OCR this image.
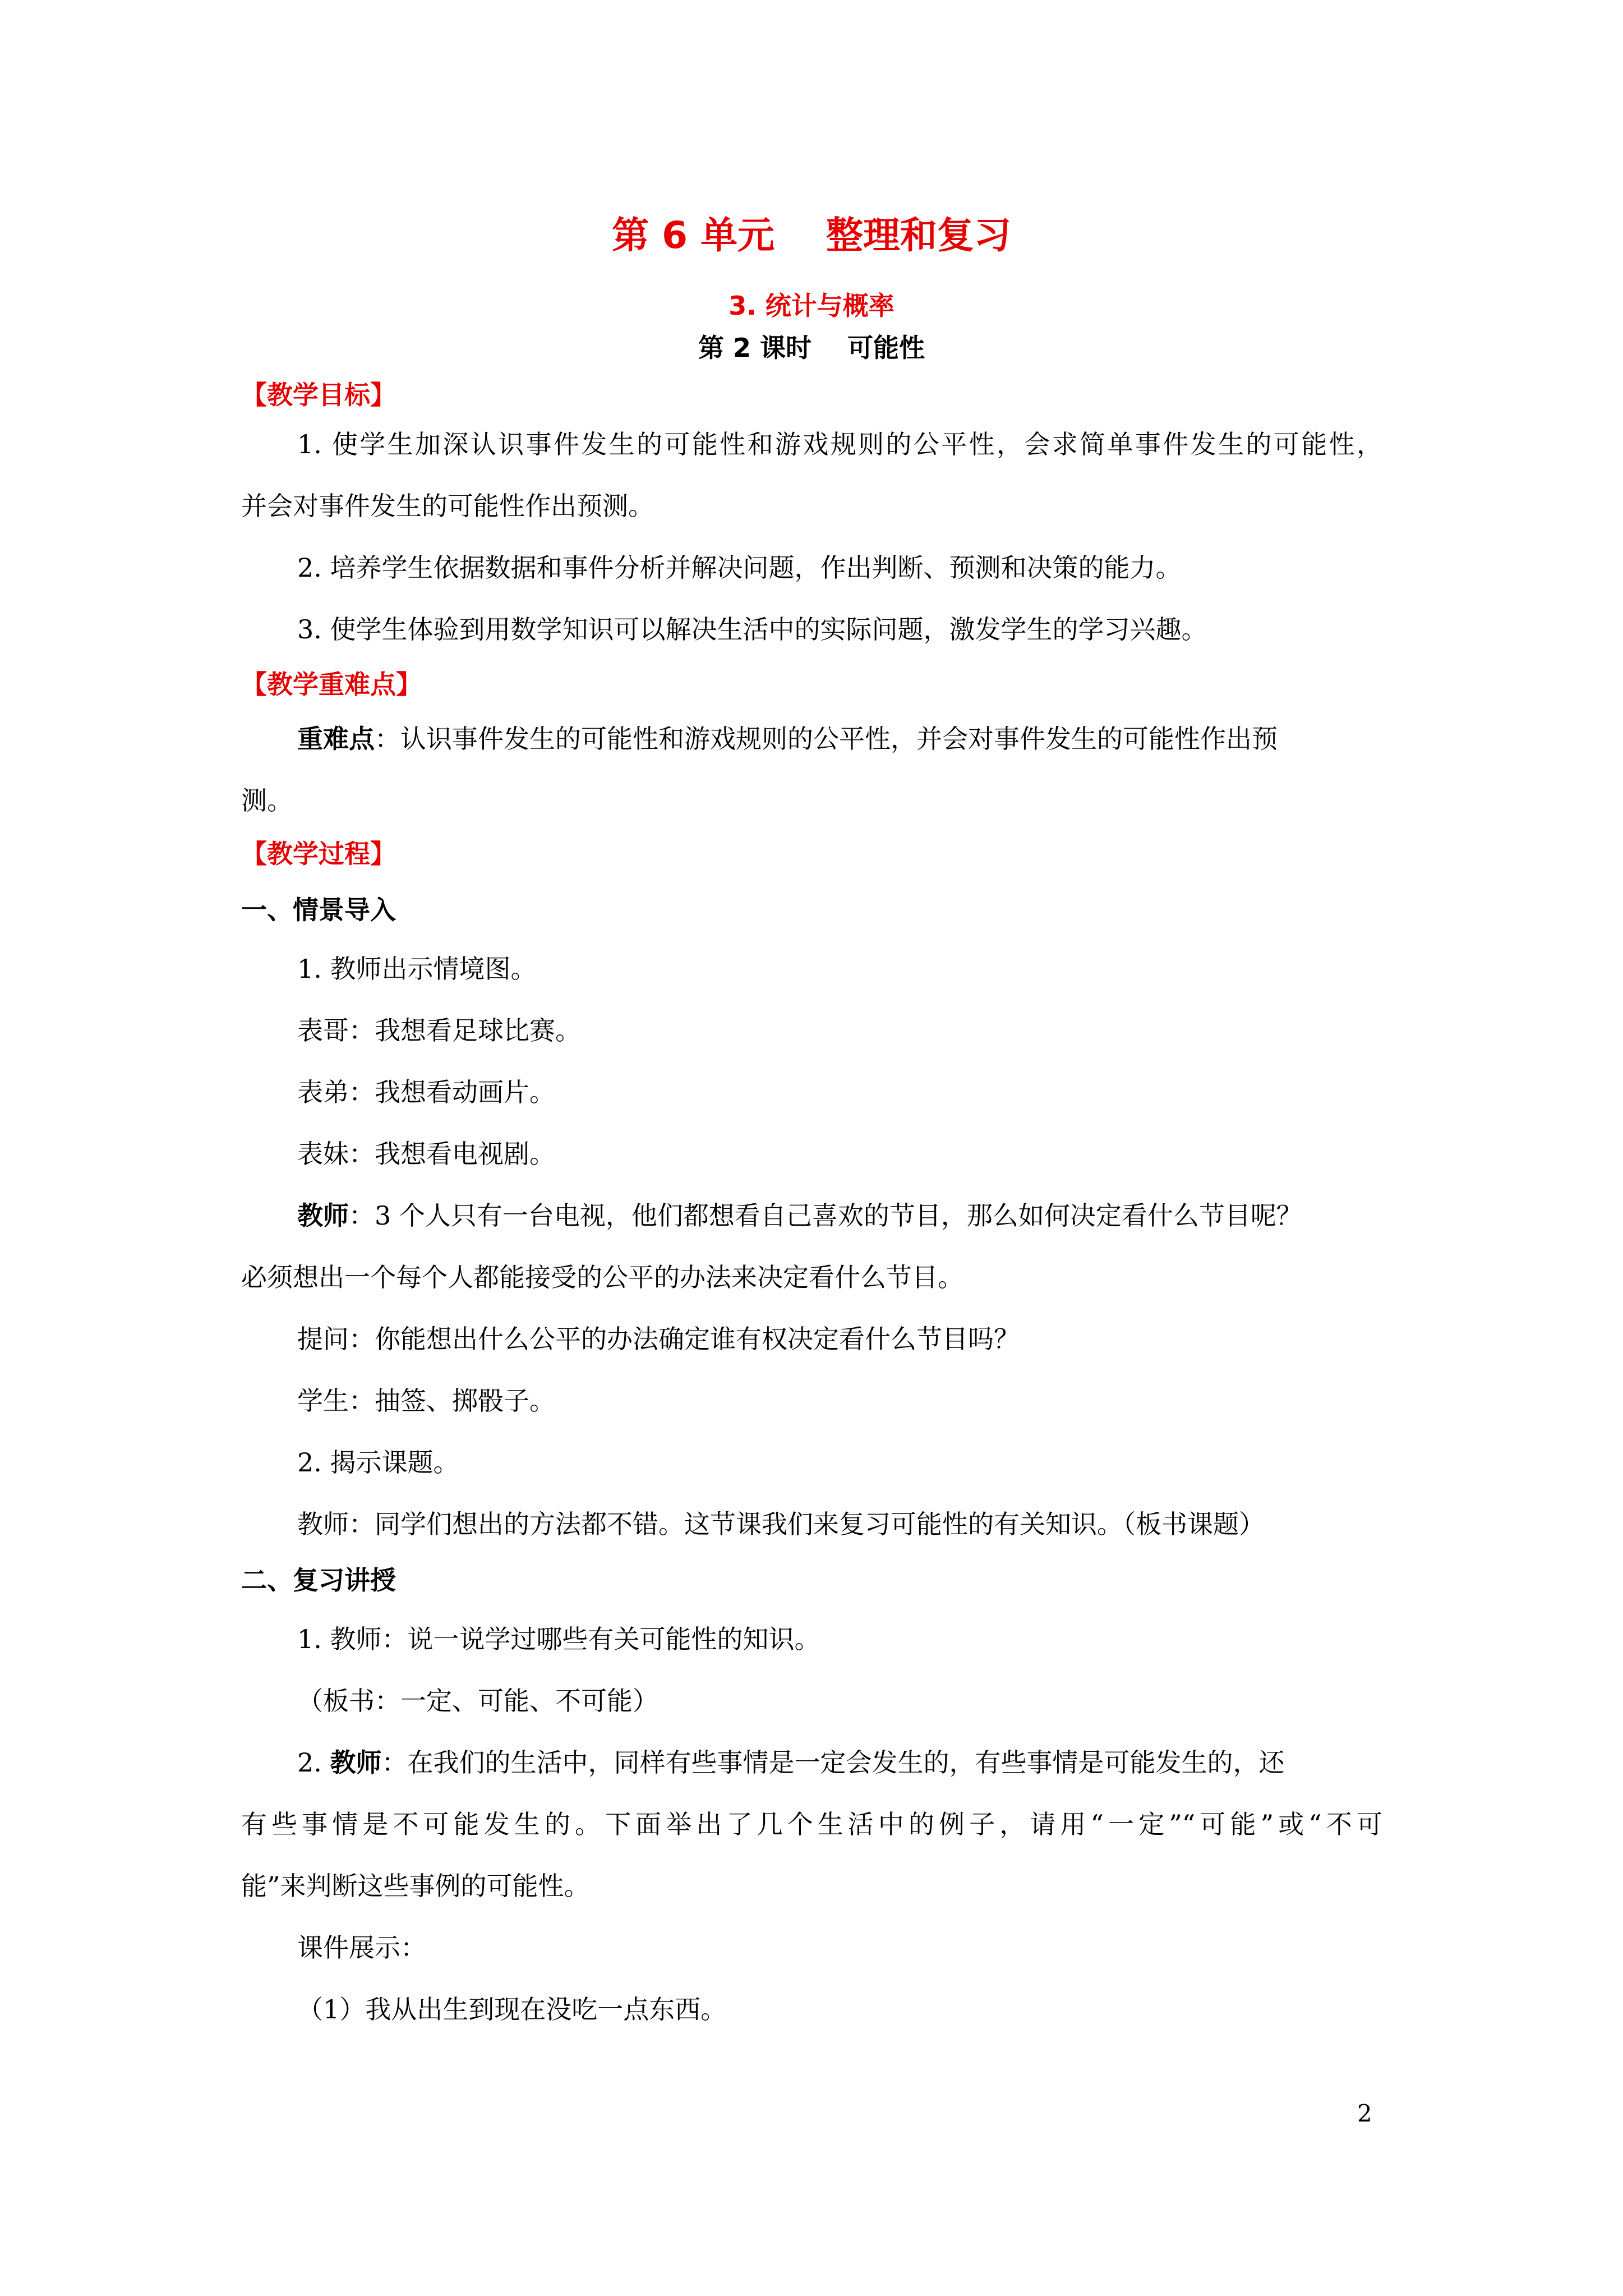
第 6 单元    整理和复习
3. 统计与概率
第 2 课时    可能性
【教学目标】
1. 使学生加深认识事件发生的可能性和游戏规则的公平性，会求简单事件发生的可能性，
并会对事件发生的可能性作出预测。
2. 培养学生依据数据和事件分析并解决问题，作出判断、预测和决策的能力。
3. 使学生体验到用数学知识可以解决生活中的实际问题，激发学生的学习兴趣。
【教学重难点】
重难点：认识事件发生的可能性和游戏规则的公平性，并会对事件发生的可能性作出预
测。
【教学过程】
一、情景导入
1. 教师出示情境图。
表哥：我想看足球比赛。
表弟：我想看动画片。
表妹：我想看电视剧。
教师：3 个人只有一台电视，他们都想看自己喜欢的节目，那么如何决定看什么节目呢？
必须想出一个每个人都能接受的公平的办法来决定看什么节目。
提问：你能想出什么公平的办法确定谁有权决定看什么节目吗？
学生：抽签、掷骰子。
2. 揭示课题。
教师：同学们想出的方法都不错。这节课我们来复习可能性的有关知识。（板书课题）
二、复习讲授
1. 教师：说一说学过哪些有关可能性的知识。
（板书：一定、可能、不可能）
2. 教师：在我们的生活中，同样有些事情是一定会发生的，有些事情是可能发生的，还
有些事情是不可能发生的。下面举出了几个生活中的例子，请用“一定”“可能”或“不可
能”来判断这些事例的可能性。
课件展示：
（1）我从出生到现在没吃一点东西。
2
